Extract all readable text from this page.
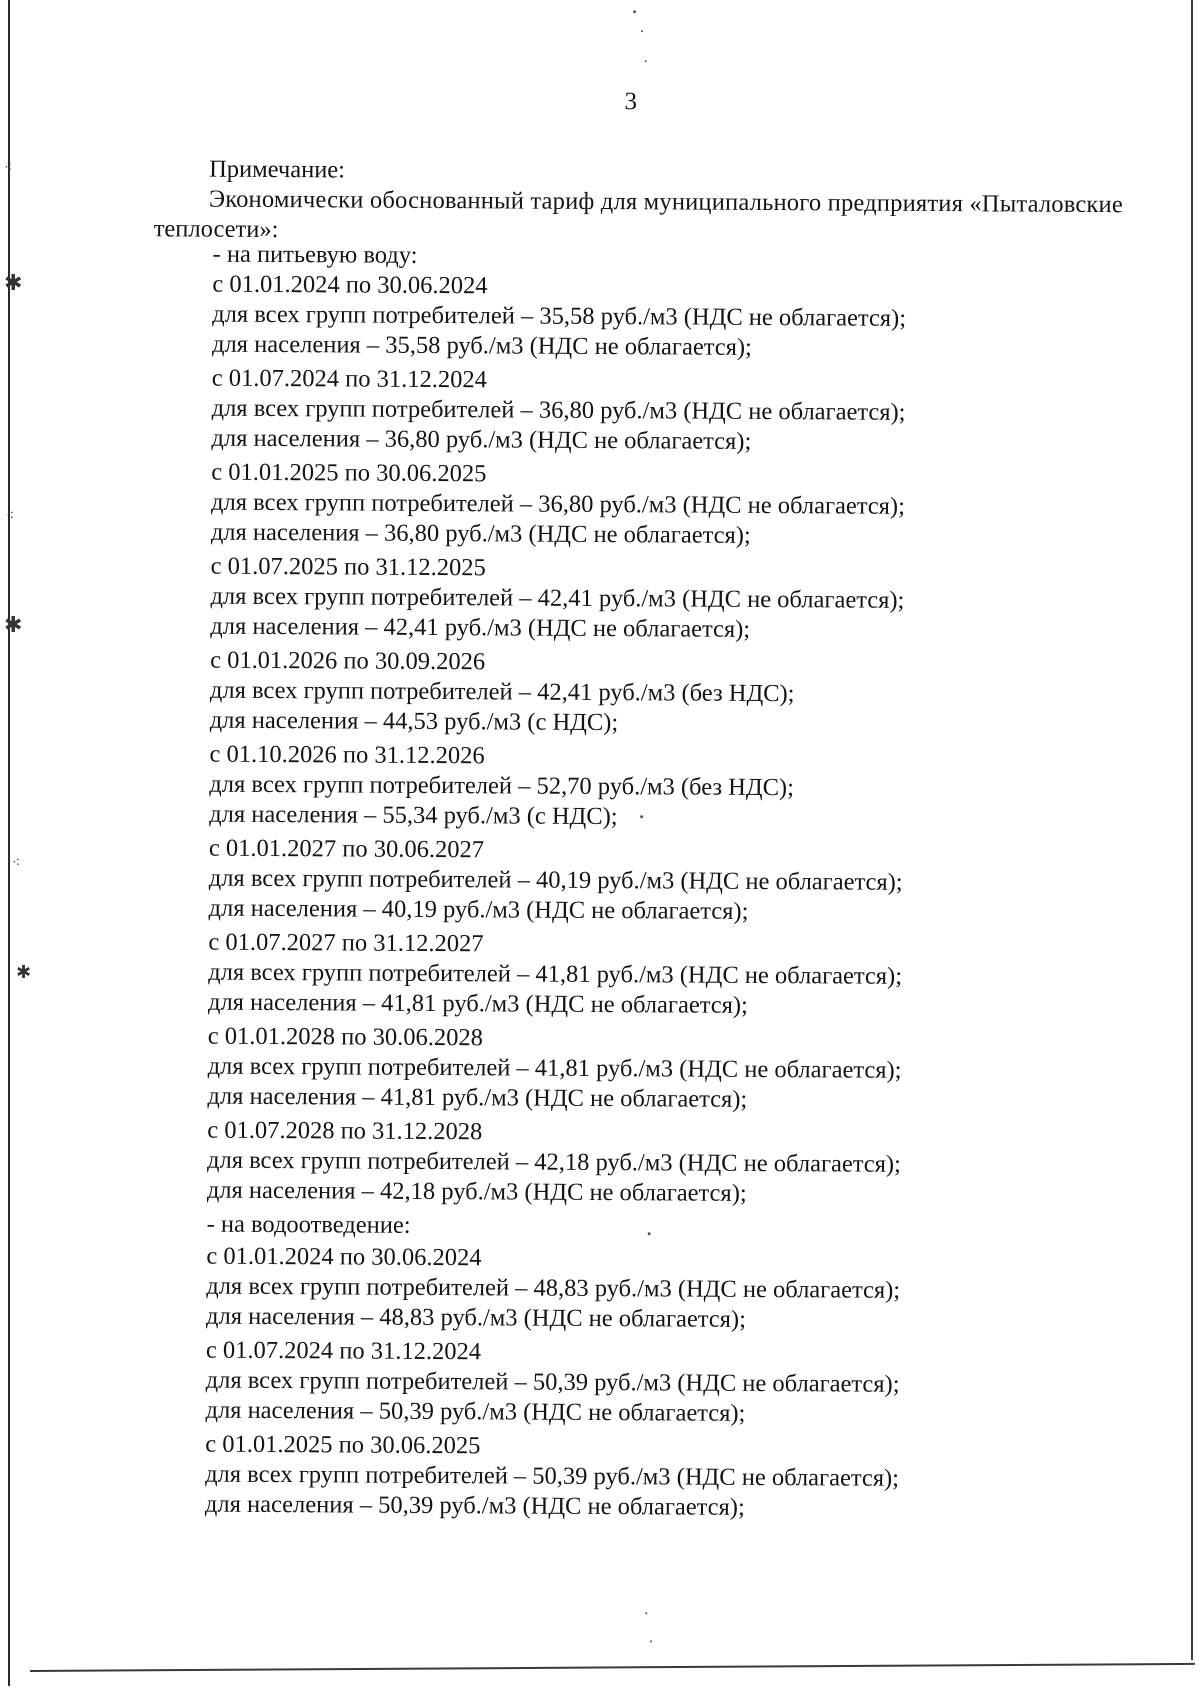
⁖
✱
⁖
✱
⁖
✱
3
Примечание:
Экономически обоснованный тариф для муниципального предприятия «Пыталовские
теплосети»:
- на питьевую воду:
с 01.01.2024 по 30.06.2024
для всех групп потребителей – 35,58 руб./м3 (НДС не облагается);
для населения – 35,58 руб./м3 (НДС не облагается);
с 01.07.2024 по 31.12.2024
для всех групп потребителей – 36,80 руб./м3 (НДС не облагается);
для населения – 36,80 руб./м3 (НДС не облагается);
с 01.01.2025 по 30.06.2025
для всех групп потребителей – 36,80 руб./м3 (НДС не облагается);
для населения – 36,80 руб./м3 (НДС не облагается);
с 01.07.2025 по 31.12.2025
для всех групп потребителей – 42,41 руб./м3 (НДС не облагается);
для населения – 42,41 руб./м3 (НДС не облагается);
с 01.01.2026 по 30.09.2026
для всех групп потребителей – 42,41 руб./м3 (без НДС);
для населения – 44,53 руб./м3 (с НДС);
с 01.10.2026 по 31.12.2026
для всех групп потребителей – 52,70 руб./м3 (без НДС);
для населения – 55,34 руб./м3 (с НДС);
с 01.01.2027 по 30.06.2027
для всех групп потребителей – 40,19 руб./м3 (НДС не облагается);
для населения – 40,19 руб./м3 (НДС не облагается);
с 01.07.2027 по 31.12.2027
для всех групп потребителей – 41,81 руб./м3 (НДС не облагается);
для населения – 41,81 руб./м3 (НДС не облагается);
с 01.01.2028 по 30.06.2028
для всех групп потребителей – 41,81 руб./м3 (НДС не облагается);
для населения – 41,81 руб./м3 (НДС не облагается);
с 01.07.2028 по 31.12.2028
для всех групп потребителей – 42,18 руб./м3 (НДС не облагается);
для населения – 42,18 руб./м3 (НДС не облагается);
- на водоотведение:
с 01.01.2024 по 30.06.2024
для всех групп потребителей – 48,83 руб./м3 (НДС не облагается);
для населения – 48,83 руб./м3 (НДС не облагается);
с 01.07.2024 по 31.12.2024
для всех групп потребителей – 50,39 руб./м3 (НДС не облагается);
для населения – 50,39 руб./м3 (НДС не облагается);
с 01.01.2025 по 30.06.2025
для всех групп потребителей – 50,39 руб./м3 (НДС не облагается);
для населения – 50,39 руб./м3 (НДС не облагается);
